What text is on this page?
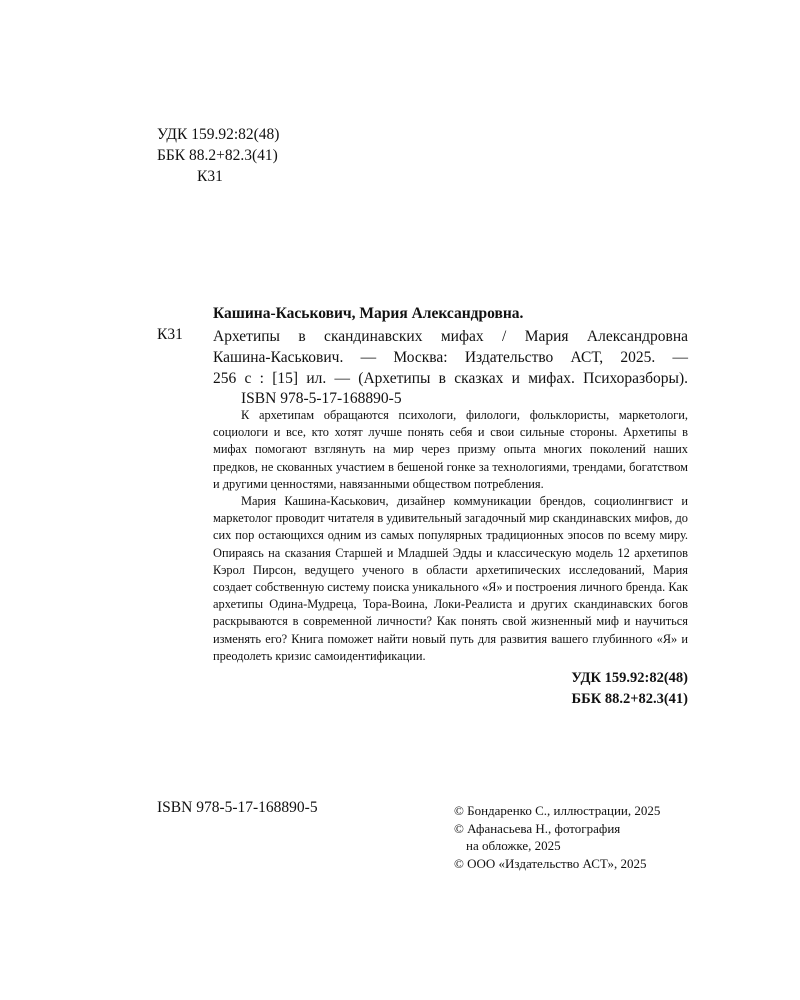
УДК 159.92:82(48)
ББК 88.2+82.3(41)
К31
Кашина-Каськович, Мария Александровна.
К31 Архетипы в скандинавских мифах / Мария Александровна
Кашина-Каськович. — Москва: Издательство АСТ, 2025. —
256 с : [15] ил. — (Архетипы в сказках и мифах. Психоразборы).
ISBN 978-5-17-168890-5

К архетипам обращаются психологи, филологи, фольклористы, маркетологи, социологи и все, кто хотят лучше понять себя и свои сильные стороны. Архетипы в мифах помогают взглянуть на мир через призму опыта многих поколений наших предков, не скованных участием в бешеной гонке за технологиями, трендами, богатством и другими ценностями, навязанными обществом потребления.

Мария Кашина-Каськович, дизайнер коммуникации брендов, социолингвист и маркетолог проводит читателя в удивительный загадочный мир скандинавских мифов, до сих пор остающихся одним из самых популярных традиционных эпосов по всему миру. Опираясь на сказания Старшей и Младшей Эдды и классическую модель 12 архетипов Кэрол Пирсон, ведущего ученого в области архетипических исследований, Мария создает собственную систему поиска уникального «Я» и построения личного бренда. Как архетипы Одина-Мудреца, Тора-Воина, Локи-Реалиста и других скандинавских богов раскрываются в современной личности? Как понять свой жизненный миф и научиться изменять его? Книга поможет найти новый путь для развития вашего глубинного «Я» и преодолеть кризис самоидентификации.

УДК 159.92:82(48)
ББК 88.2+82.3(41)
ISBN 978-5-17-168890-5	© Бондаренко С., иллюстрации, 2025
© Афанасьева Н., фотография
на обложке, 2025
© ООО «Издательство АСТ», 2025
